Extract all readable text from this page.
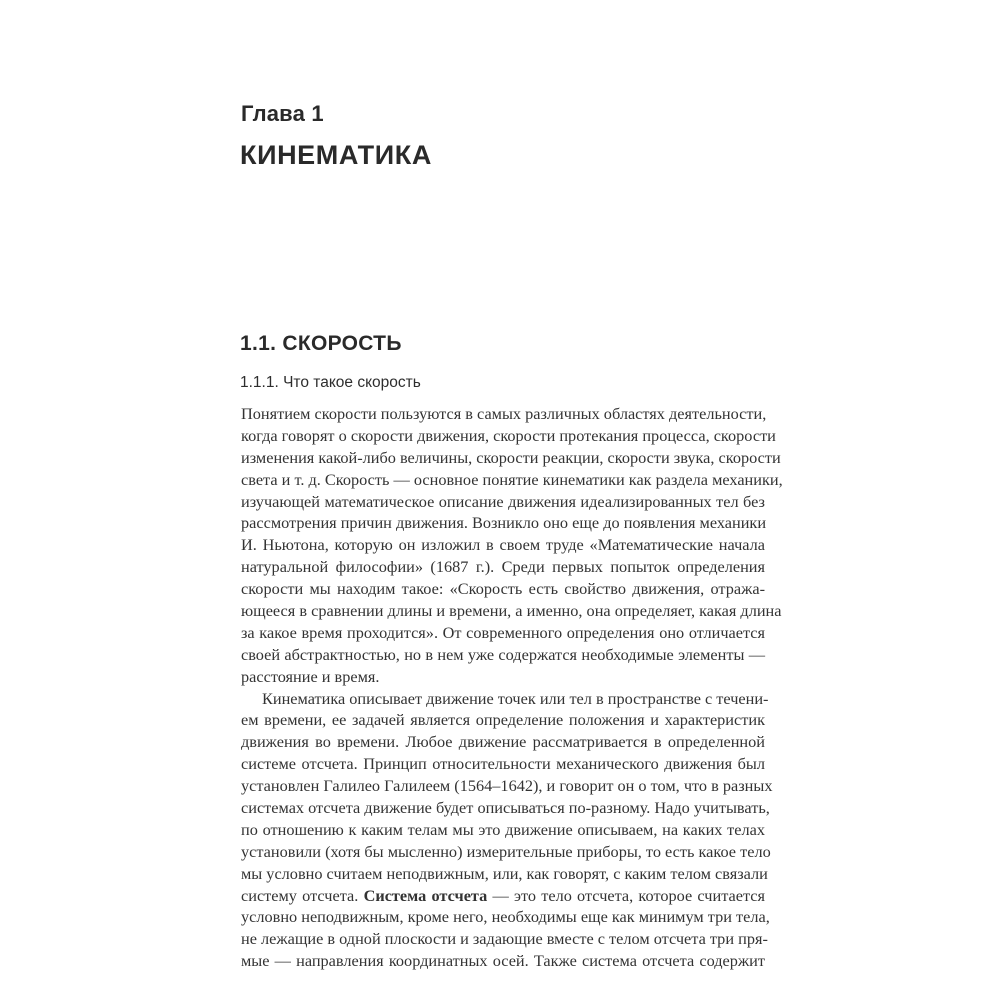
Глава 1
КИНЕМАТИКА
1.1. СКОРОСТЬ
1.1.1. Что такое скорость
Понятием скорости пользуются в самых различных областях деятельности,
когда говорят о скорости движения, скорости протекания процесса, скорости
изменения какой-либо величины, скорости реакции, скорости звука, скорости
света и т. д. Скорость — основное понятие кинематики как раздела механики,
изучающей математическое описание движения идеализированных тел без
рассмотрения причин движения. Возникло оно еще до появления механики
И. Ньютона, которую он изложил в своем труде «Математические начала
натуральной философии» (1687 г.). Среди первых попыток определения
скорости мы находим такое: «Скорость есть свойство движения, отража-
ющееся в сравнении длины и времени, а именно, она определяет, какая длина
за какое время проходится». От современного определения оно отличается
своей абстрактностью, но в нем уже содержатся необходимые элементы —
расстояние и время.
Кинематика описывает движение точек или тел в пространстве с течени-
ем времени, ее задачей является определение положения и характеристик
движения во времени. Любое движение рассматривается в определенной
системе отсчета. Принцип относительности механического движения был
установлен Галилео Галилеем (1564–1642), и говорит он о том, что в разных
системах отсчета движение будет описываться по-разному. Надо учитывать,
по отношению к каким телам мы это движение описываем, на каких телах
установили (хотя бы мысленно) измерительные приборы, то есть какое тело
мы условно считаем неподвижным, или, как говорят, с каким телом связали
систему отсчета. Система отсчета — это тело отсчета, которое считается
условно неподвижным, кроме него, необходимы еще как минимум три тела,
не лежащие в одной плоскости и задающие вместе с телом отсчета три пря-
мые — направления координатных осей. Также система отсчета содержит
